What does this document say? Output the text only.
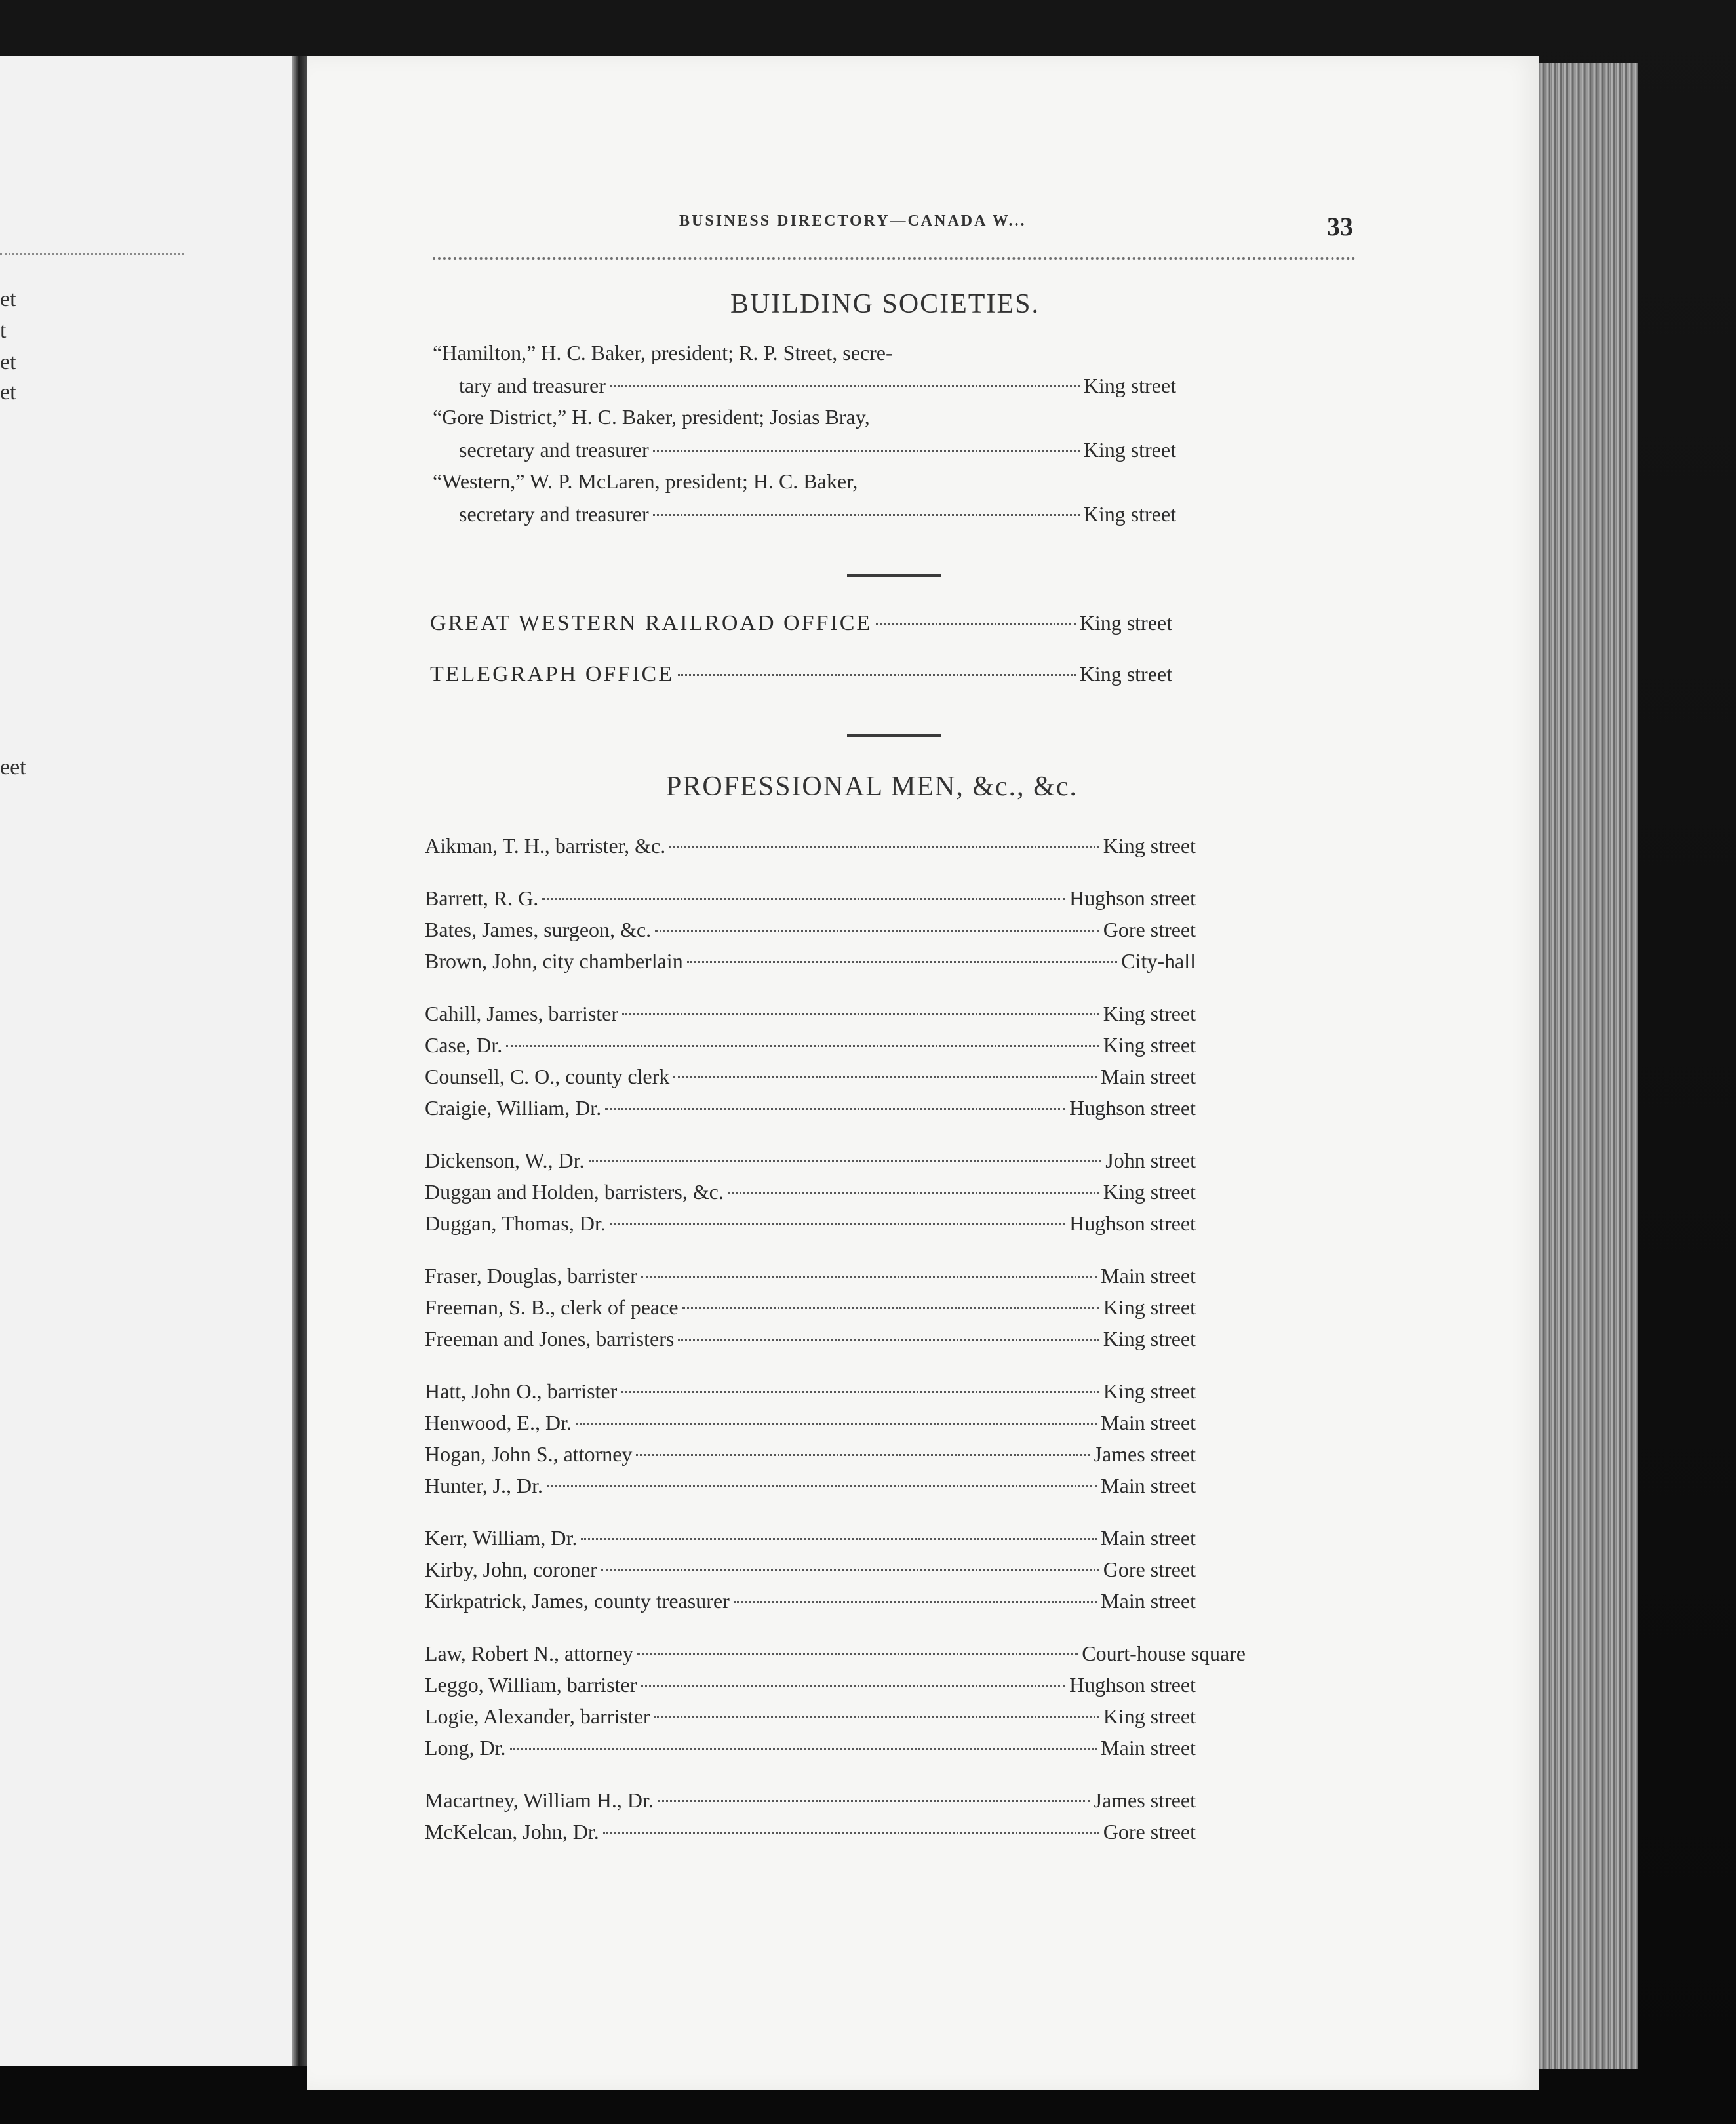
et
t
et
et
eet
BUSINESS DIRECTORY—CANADA W...	33
BUILDING SOCIETIES.
“Hamilton,” H. C. Baker, president; R. P. Street, secre-
tary and treasurer	King street
“Gore District,” H. C. Baker, president; Josias Bray,
secretary and treasurer	King street
“Western,” W. P. McLaren, president; H. C. Baker,
secretary and treasurer	King street
GREAT WESTERN RAILROAD OFFICE	King street
TELEGRAPH OFFICE	King street
PROFESSIONAL MEN, &c., &c.
Aikman, T. H., barrister, &c.	King street
Barrett, R. G.	Hughson street
Bates, James, surgeon, &c.	Gore street
Brown, John, city chamberlain	City-hall
Cahill, James, barrister	King street
Case, Dr.	King street
Counsell, C. O., county clerk	Main street
Craigie, William, Dr.	Hughson street
Dickenson, W., Dr.	John street
Duggan and Holden, barristers, &c.	King street
Duggan, Thomas, Dr.	Hughson street
Fraser, Douglas, barrister	Main street
Freeman, S. B., clerk of peace	King street
Freeman and Jones, barristers	King street
Hatt, John O., barrister	King street
Henwood, E., Dr.	Main street
Hogan, John S., attorney	James street
Hunter, J., Dr.	Main street
Kerr, William, Dr.	Main street
Kirby, John, coroner	Gore street
Kirkpatrick, James, county treasurer	Main street
Law, Robert N., attorney	Court-house square
Leggo, William, barrister	Hughson street
Logie, Alexander, barrister	King street
Long, Dr.	Main street
Macartney, William H., Dr.	James street
McKelcan, John, Dr.	Gore street
